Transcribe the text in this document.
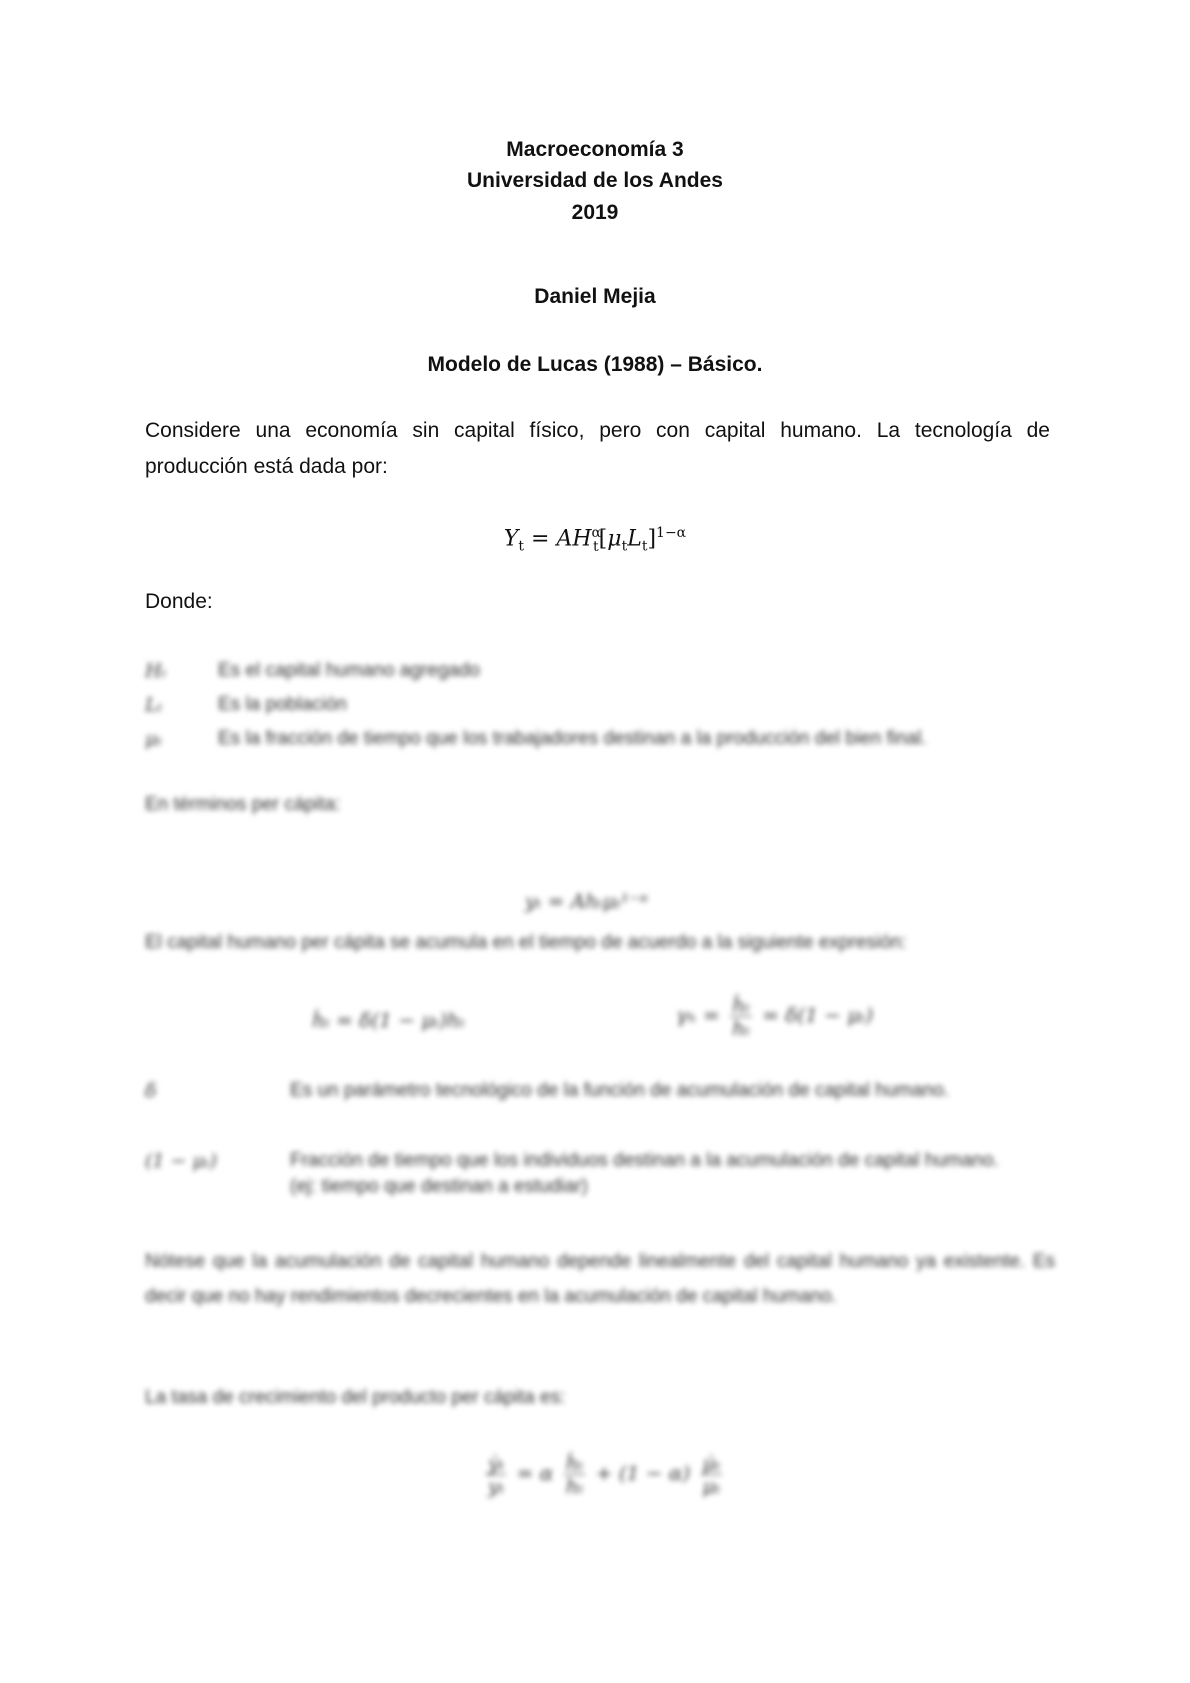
Macroeconomía 3
Universidad de los Andes
2019
Daniel Mejia
Modelo de Lucas (1988) – Básico.
Considere una economía sin capital físico, pero con capital humano. La tecnología de producción está dada por:
$Y_t = AH^\alpha_t[\mu_tL_t]^{1-\alpha}$
Donde:
Hₜ	Es el capital humano agregado
Lₜ	Es la población
μₜ	Es la fracción de tiempo que los trabajadores destinan a la producción del bien final.
En términos per cápita:
yₜ = Ahₜμₜ¹⁻ᵅ
El capital humano per cápita se acumula en el tiempo de acuerdo a la siguiente expresión:
ḣₜ = δ(1 − μₜ)hₜ	$\gamma_h = \frac{\text{ḣₜ}}{\text{hₜ}} = \delta(1 - \mu_t)$
δ	Es un parámetro tecnológico de la función de acumulación de capital humano.
(1 − μₜ)	Fracción de tiempo que los individuos destinan a la acumulación de capital humano. (ej: tiempo que destinan a estudiar)
Nótese que la acumulación de capital humano depende linealmente del capital humano ya existente. Es decir que no hay rendimientos decrecientes en la acumulación de capital humano.
La tasa de crecimiento del producto per cápita es:
$\frac{\text{ẏₜ}}{\text{yₜ}} = \alpha \frac{\text{ḣₜ}}{\text{hₜ}} + (1 - \alpha) \frac{\text{μ̇ₜ}}{\text{μₜ}}$
